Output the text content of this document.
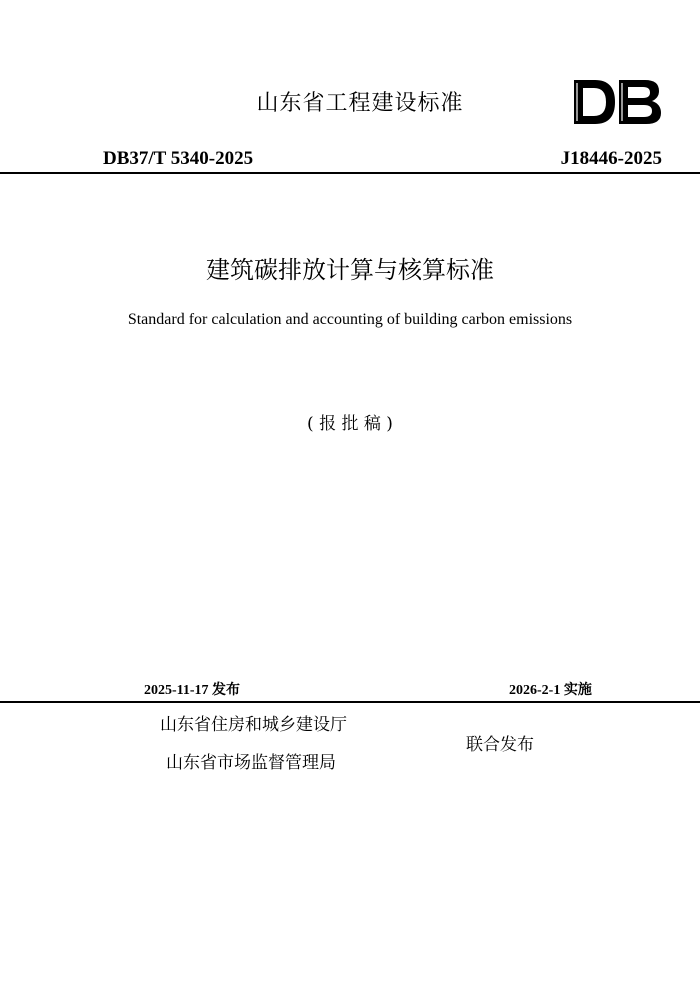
山东省工程建设标准
DB37/T 5340-2025	J18446-2025
建筑碳排放计算与核算标准
Standard for calculation and accounting of building carbon emissions
( 报 批 稿 )
2025-11-17 发布	2026-2-1 实施
山东省住房和城乡建设厅
山东省市场监督管理局
联合发布
